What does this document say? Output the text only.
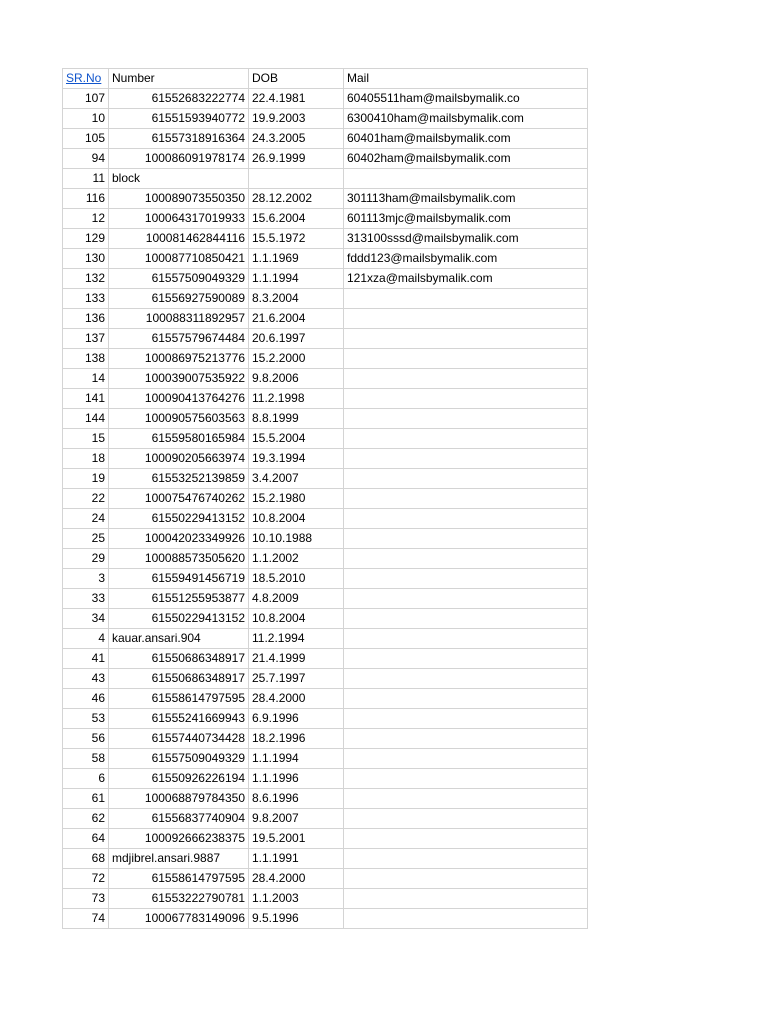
SR.No	Number	DOB	Mail
107	61552683222774	22.4.1981	60405511ham@mailsbymalik.co
10	61551593940772	19.9.2003	6300410ham@mailsbymalik.com
105	61557318916364	24.3.2005	60401ham@mailsbymalik.com
94	100086091978174	26.9.1999	60402ham@mailsbymalik.com
11	block		
116	100089073550350	28.12.2002	301113ham@mailsbymalik.com
12	100064317019933	15.6.2004	601113mjc@mailsbymalik.com
129	100081462844116	15.5.1972	313100sssd@mailsbymalik.com
130	100087710850421	1.1.1969	fddd123@mailsbymalik.com
132	61557509049329	1.1.1994	121xza@mailsbymalik.com
133	61556927590089	8.3.2004	
136	100088311892957	21.6.2004	
137	61557579674484	20.6.1997	
138	100086975213776	15.2.2000	
14	100039007535922	9.8.2006	
141	100090413764276	11.2.1998	
144	100090575603563	8.8.1999	
15	61559580165984	15.5.2004	
18	100090205663974	19.3.1994	
19	61553252139859	3.4.2007	
22	100075476740262	15.2.1980	
24	61550229413152	10.8.2004	
25	100042023349926	10.10.1988	
29	100088573505620	1.1.2002	
3	61559491456719	18.5.2010	
33	61551255953877	4.8.2009	
34	61550229413152	10.8.2004	
4	kauar.ansari.904	11.2.1994	
41	61550686348917	21.4.1999	
43	61550686348917	25.7.1997	
46	61558614797595	28.4.2000	
53	61555241669943	6.9.1996	
56	61557440734428	18.2.1996	
58	61557509049329	1.1.1994	
6	61550926226194	1.1.1996	
61	100068879784350	8.6.1996	
62	61556837740904	9.8.2007	
64	100092666238375	19.5.2001	
68	mdjibrel.ansari.9887	1.1.1991	
72	61558614797595	28.4.2000	
73	61553222790781	1.1.2003	
74	100067783149096	9.5.1996	
